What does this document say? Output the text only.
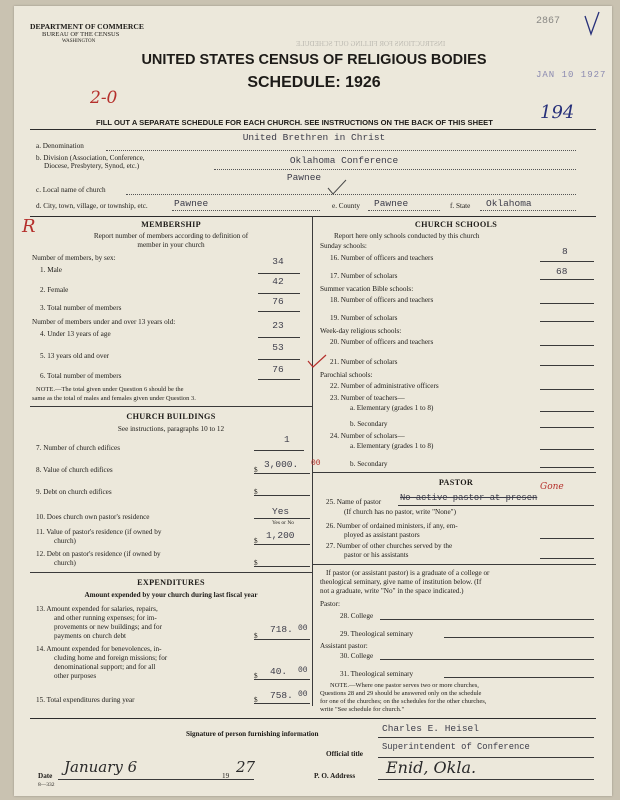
DEPARTMENT OF COMMERCE
BUREAU OF THE CENSUS
WASHINGTON	INSTRUCTIONS FOR FILLING OUT SCHEDULE
2867
JAN 10 1927
UNITED STATES CENSUS OF RELIGIOUS BODIES
SCHEDULE: 1926
2-0
194
FILL OUT A SEPARATE SCHEDULE FOR EACH CHURCH. SEE INSTRUCTIONS ON THE BACK OF THIS SHEET
a. Denomination
United Brethren in Christ
b. Division (Association, Conference,
Diocese, Presbytery, Synod, etc.)	Oklahoma Conference
c. Local name of church
Pawnee
d. City, town, village, or township, etc.	Pawnee	e. County Pawnee	f. State Oklahoma
R	MEMBERSHIP
Report number of members according to definition of
member in your church
Number of members, by sex:
1. Male
34
2. Female
42
3. Total number of members
76
Number of members under and over 13 years old:
4. Under 13 years of age
23
5. 13 years old and over
53
6. Total number of members
76
NOTE.—The total given under Question 6 should be the
same as the total of males and females given under Question 3.
CHURCH BUILDINGS
See instructions, paragraphs 10 to 12
7. Number of church edifices
1
8. Value of church edifices	$ 3,000. 00
9. Debt on church edifices	$
10. Does church own pastor's residence	Yes
Yes or No
11. Value of pastor's residence (if owned by
church)	$ 1,200
12. Debt on pastor's residence (if owned by
church)	$
EXPENDITURES
Amount expended by your church during last fiscal year
13. Amount expended for salaries, repairs,
and other running expenses; for im-
provements or new buildings; and for
payments on church debt	$
718. 00
14. Amount expended for benevolences, in-
cluding home and foreign missions; for
denominational support; and for all
other purposes	$ 40. 00
15. Total expenditures during year	$ 758. 00
CHURCH SCHOOLS
Report here only schools conducted by this church
Sunday schools:
16. Number of officers and teachers
8
17. Number of scholars	68
Summer vacation Bible schools:
18. Number of officers and teachers
19. Number of scholars
Week-day religious schools:
20. Number of officers and teachers
21. Number of scholars
Parochial schools:
22. Number of administrative officers
23. Number of teachers—
a. Elementary (grades 1 to 8)
b. Secondary
24. Number of scholars—
a. Elementary (grades 1 to 8)
b. Secondary
PASTOR
25. Name of pastor No active pastor at presen
Gone
(If church has no pastor, write "None")
26. Number of ordained ministers, if any, em-
ployed as assistant pastors
27. Number of other churches served by the
pastor or his assistants
If pastor (or assistant pastor) is a graduate of a college or
theological seminary, give name of institution below. (If
not a graduate, write "No" in the space indicated.)
Pastor:
28. College
29. Theological seminary
Assistant pastor:
30. College
31. Theological seminary
NOTE.—Where one pastor serves two or more churches,
Questions 28 and 29 should be answered only on the schedule
for one of the churches; on the schedules for the other churches,
write "See schedule for church."
Signature of person furnishing information	Charles E. Heisel
Official title
Superintendent of Conference
Date January 6	19 27	P. O. Address Enid, Okla.
8—332
